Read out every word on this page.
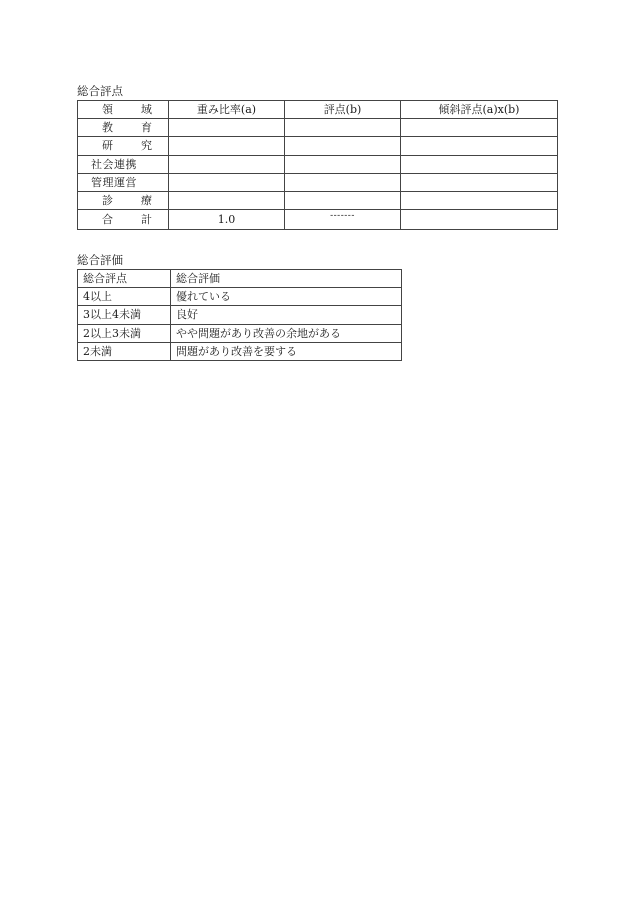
総合評点
領 域	重み比率(a)	評点(b)	傾斜評点(a)x(b)

教 育			

研 究			

社会連携			

管理運営			

診 療			

合 計	1.0	-------	
総合評価
総合評点	総合評価
4以上	優れている
3以上4未満	良好
2以上3未満	やや問題があり改善の余地がある
2未満	問題があり改善を要する
